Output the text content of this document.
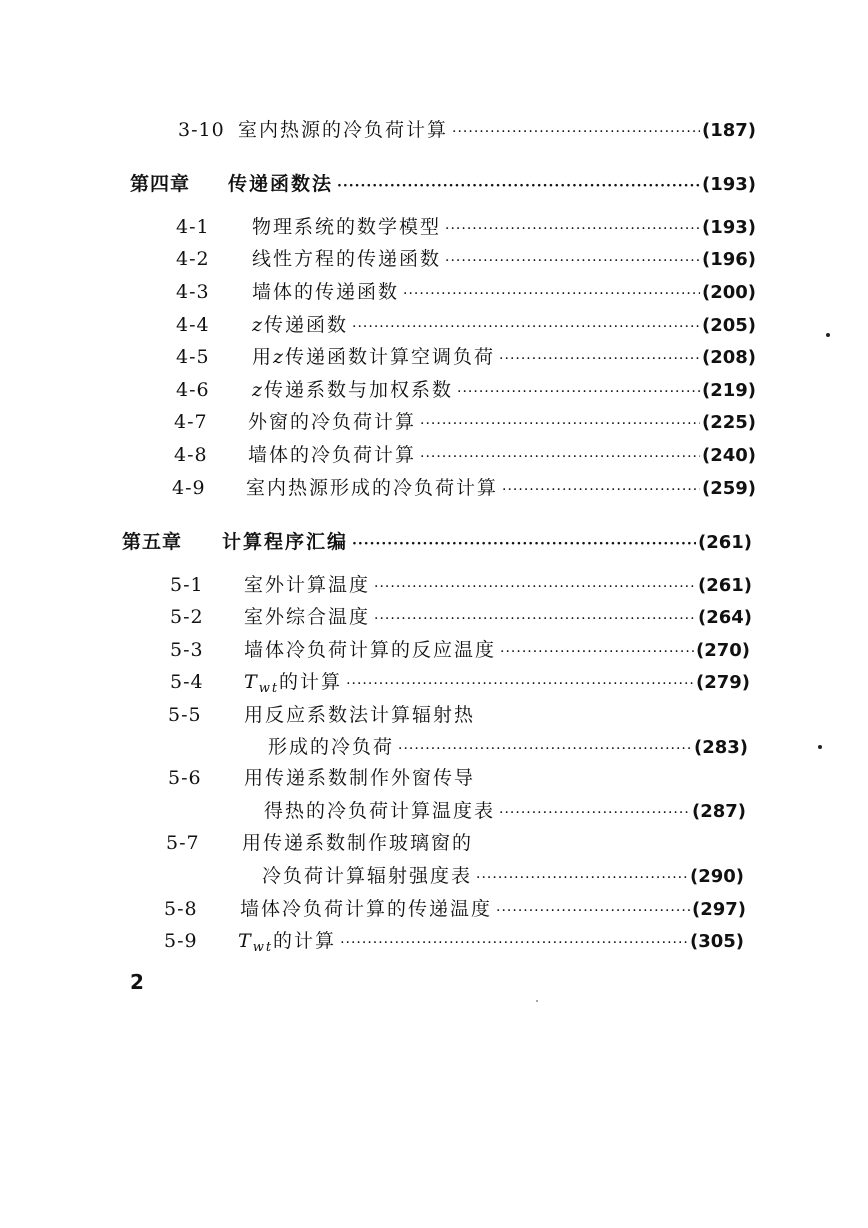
3-10 室内热源的冷负荷计算 ·····	(187)
第四章	传递函数法 ·····	(193)
4-1	物理系统的数学模型 ·····	(193)
4-2	线性方程的传递函数 ·····	(196)
4-3	墙体的传递函数 ·····	(200)
4-4	z传递函数 ·····	(205)
4-5	用z传递函数计算空调负荷 ·····	(208)
4-6	z传递系数与加权系数 ·····	(219)
4-7	外窗的冷负荷计算 ·····	(225)
4-8	墙体的冷负荷计算 ·····	(240)
4-9	室内热源形成的冷负荷计算 ·····	(259)
第五章	计算程序汇编 ·····	(261)
5-1	室外计算温度 ·····	(261)
5-2	室外综合温度 ·····	(264)
5-3	墙体冷负荷计算的反应温度 ·····	(270)
5-4	$T_{wt}$的计算 ·····	(279)
5-5	用反应系数法计算辐射热
形成的冷负荷 ·····	(283)
5-6	用传递系数制作外窗传导
得热的冷负荷计算温度表 ·····	(287)
5-7	用传递系数制作玻璃窗的
冷负荷计算辐射强度表 ·····	(290)
5-8	墙体冷负荷计算的传递温度 ·····	(297)
5-9	$T_{wt}$的计算 ·····	(305)
2
